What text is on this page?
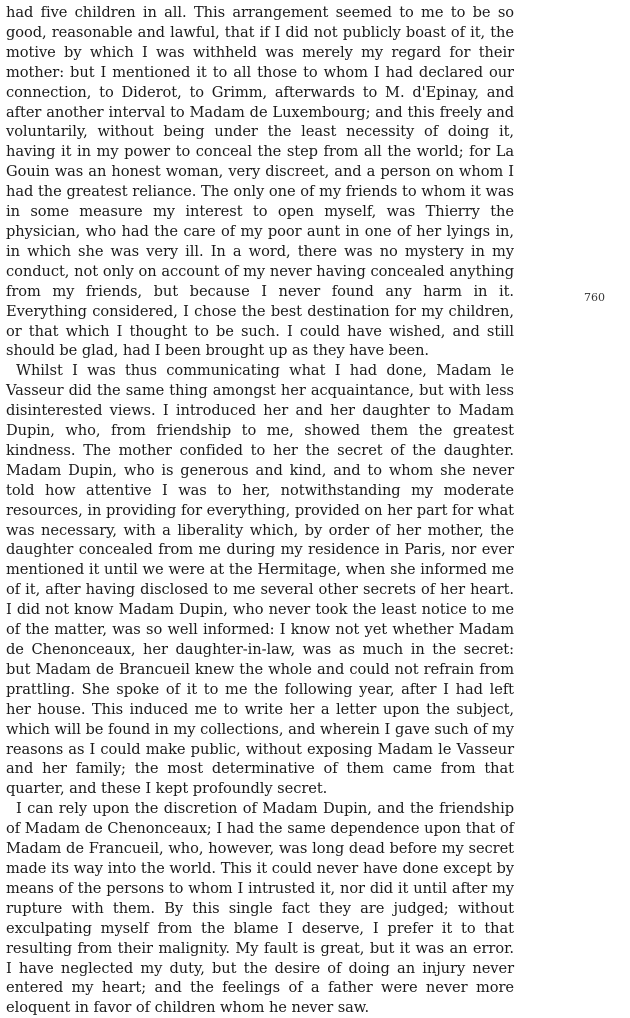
had five children in all. This arrangement seemed to me to be so good, reasonable and lawful, that if I did not publicly boast of it, the motive by which I was withheld was merely my regard for their mother: but I mentioned it to all those to whom I had declared our connection, to Diderot, to Grimm, afterwards to M. d'Epinay, and after another interval to Madam de Luxembourg; and this freely and voluntarily, without being under the least necessity of doing it, having it in my power to conceal the step from all the world; for La Gouin was an honest woman, very discreet, and a person on whom I had the greatest reliance. The only one of my friends to whom it was in some measure my interest to open myself, was Thierry the physician, who had the care of my poor aunt in one of her lyings in, in which she was very ill. In a word, there was no mystery in my conduct, not only on account of my never having concealed anything from my friends, but because I never found any harm in it. Everything considered, I chose the best destination for my children, or that which I thought to be such. I could have wished, and still should be glad, had I been brought up as they have been.

Whilst I was thus communicating what I had done, Madam le Vasseur did the same thing amongst her acquaintance, but with less disinterested views. I introduced her and her daughter to Madam Dupin, who, from friendship to me, showed them the greatest kindness. The mother confided to her the secret of the daughter. Madam Dupin, who is generous and kind, and to whom she never told how attentive I was to her, notwithstanding my moderate resources, in providing for everything, provided on her part for what was necessary, with a liberality which, by order of her mother, the daughter concealed from me during my residence in Paris, nor ever mentioned it until we were at the Hermitage, when she informed me of it, after having disclosed to me several other secrets of her heart. I did not know Madam Dupin, who never took the least notice to me of the matter, was so well informed: I know not yet whether Madam de Chenonceaux, her daughter-in-law, was as much in the secret: but Madam de Brancueil knew the whole and could not refrain from prattling. She spoke of it to me the following year, after I had left her house. This induced me to write her a letter upon the subject, which will be found in my collections, and wherein I gave such of my reasons as I could make public, without exposing Madam le Vasseur and her family; the most determinative of them came from that quarter, and these I kept profoundly secret.

I can rely upon the discretion of Madam Dupin, and the friendship of Madam de Chenonceaux; I had the same dependence upon that of Madam de Francueil, who, however, was long dead before my secret made its way into the world. This it could never have done except by means of the persons to whom I intrusted it, nor did it until after my rupture with them. By this single fact they are judged; without exculpating myself from the blame I deserve, I prefer it to that resulting from their malignity. My fault is great, but it was an error. I have neglected my duty, but the desire of doing an injury never entered my heart; and the feelings of a father were never more eloquent in favor of children whom he never saw.

760
